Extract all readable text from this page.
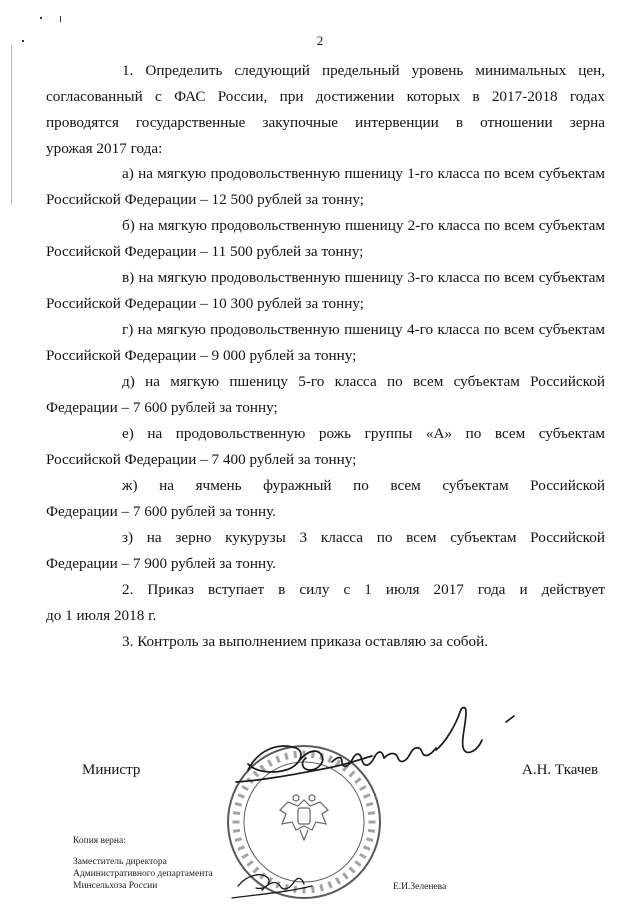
2
1. Определить следующий предельный уровень минимальных цен,
согласованный с ФАС России, при достижении которых в 2017-2018 годах
проводятся государственные закупочные интервенции в отношении зерна
урожая 2017 года:
а) на мягкую продовольственную пшеницу 1-го класса по всем субъектам
Российской Федерации – 12 500 рублей за тонну;
б) на мягкую продовольственную пшеницу 2-го класса по всем субъектам
Российской Федерации – 11 500 рублей за тонну;
в) на мягкую продовольственную пшеницу 3-го класса по всем субъектам
Российской Федерации – 10 300 рублей за тонну;
г) на мягкую продовольственную пшеницу 4-го класса по всем субъектам
Российской Федерации – 9 000 рублей за тонну;
д) на мягкую пшеницу 5-го класса по всем субъектам Российской
Федерации – 7 600 рублей за тонну;
е) на продовольственную рожь группы «А» по всем субъектам
Российской Федерации – 7 400 рублей за тонну;
ж) на ячмень фуражный по всем субъектам Российской
Федерации – 7 600 рублей за тонну.
з) на зерно кукурузы 3 класса по всем субъектам Российской
Федерации – 7 900 рублей за тонну.
2. Приказ вступает в силу с 1 июля 2017 года и действует
до 1 июля 2018 г.
3. Контроль за выполнением приказа оставляю за собой.
Министр	А.Н. Ткачев
Копия верна:
Заместитель директора
Административного департамента
Минсельхоза России	Е.И.Зеленева
